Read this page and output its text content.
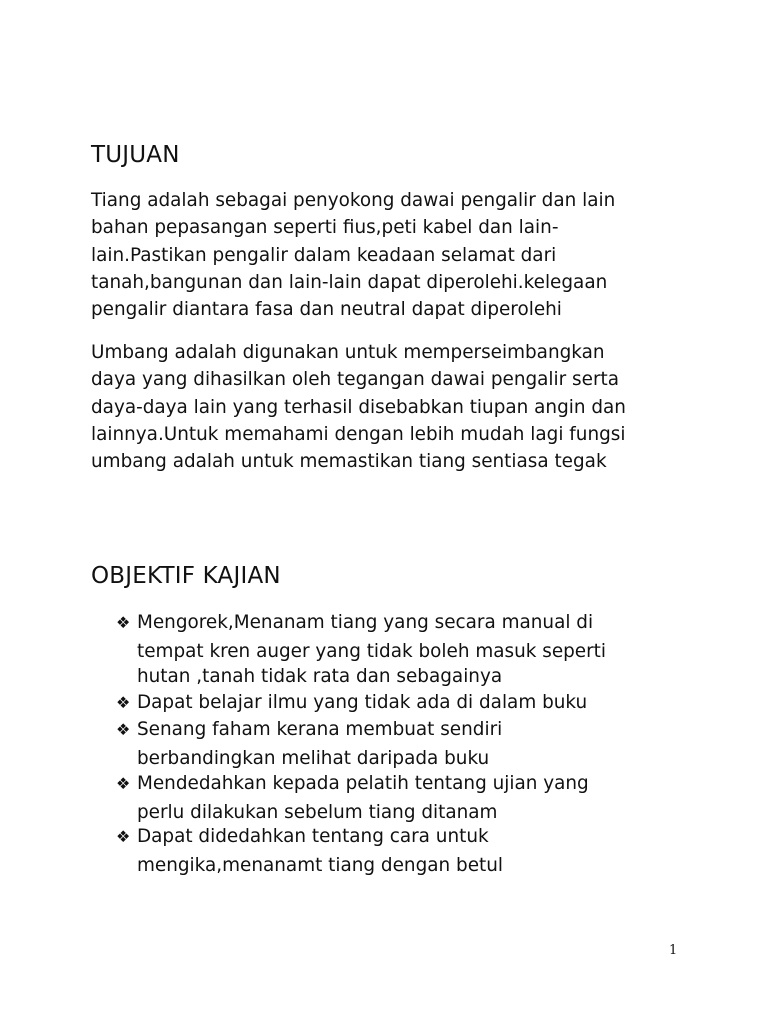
TUJUAN

Tiang adalah sebagai penyokong dawai pengalir dan lain
bahan pepasangan seperti fius,peti kabel dan lain-
lain.Pastikan pengalir dalam keadaan selamat dari
tanah,bangunan dan lain-lain dapat diperolehi.kelegaan
pengalir diantara fasa dan neutral dapat diperolehi

Umbang adalah digunakan untuk memperseimbangkan
daya yang dihasilkan oleh tegangan dawai pengalir serta
daya-daya lain yang terhasil disebabkan tiupan angin dan
lainnya.Untuk memahami dengan lebih mudah lagi fungsi
umbang adalah untuk memastikan tiang sentiasa tegak

OBJEKTIF KAJIAN
❖ Mengorek,Menanam tiang yang secara manual di
tempat kren auger yang tidak boleh masuk seperti
hutan ,tanah tidak rata dan sebagainya
❖ Dapat belajar ilmu yang tidak ada di dalam buku
❖ Senang faham kerana membuat sendiri
berbandingkan melihat daripada buku
❖ Mendedahkan kepada pelatih tentang ujian yang
perlu dilakukan sebelum tiang ditanam
❖ Dapat didedahkan tentang cara untuk
mengika,menanamt tiang dengan betul
1
